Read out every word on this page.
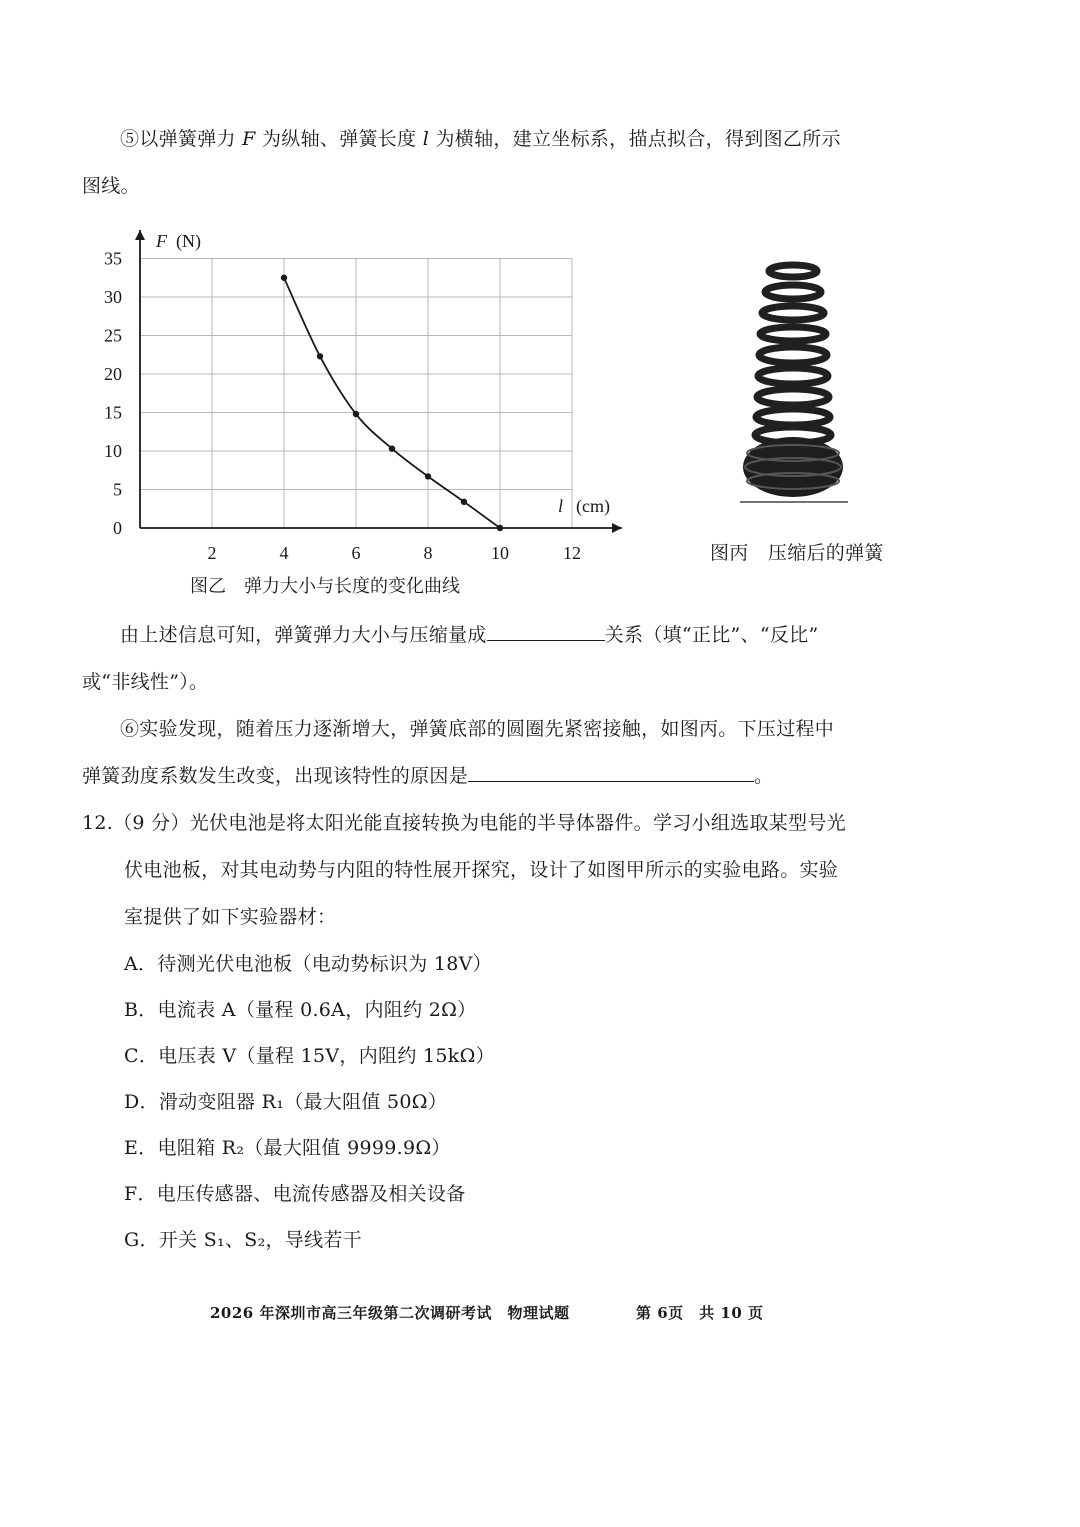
⑤以弹簧弹力 F 为纵轴、弹簧长度 l 为横轴，建立坐标系，描点拟合，得到图乙所示
图线。
2	4	6	8	10	12
0
5
10
15
20
25
30
35
F (N)
l (cm)
图乙　弹力大小与长度的变化曲线
图丙　压缩后的弹簧
由上述信息可知，弹簧弹力大小与压缩量成	关系（填“正比”、“反比”
或“非线性”）。
⑥实验发现，随着压力逐渐增大，弹簧底部的圆圈先紧密接触，如图丙。下压过程中
弹簧劲度系数发生改变，出现该特性的原因是	。
12.（9 分）光伏电池是将太阳光能直接转换为电能的半导体器件。学习小组选取某型号光
伏电池板，对其电动势与内阻的特性展开探究，设计了如图甲所示的实验电路。实验
室提供了如下实验器材：
A．待测光伏电池板（电动势标识为 18V）
B．电流表 A（量程 0.6A，内阻约 2Ω）
C．电压表 V（量程 15V，内阻约 15kΩ）
D．滑动变阻器 R₁（最大阻值 50Ω）
E．电阻箱 R₂（最大阻值 9999.9Ω）
F．电压传感器、电流传感器及相关设备
G．开关 S₁、S₂，导线若干
2026 年深圳市高三年级第二次调研考试　物理试题	第 6页　共 10 页
